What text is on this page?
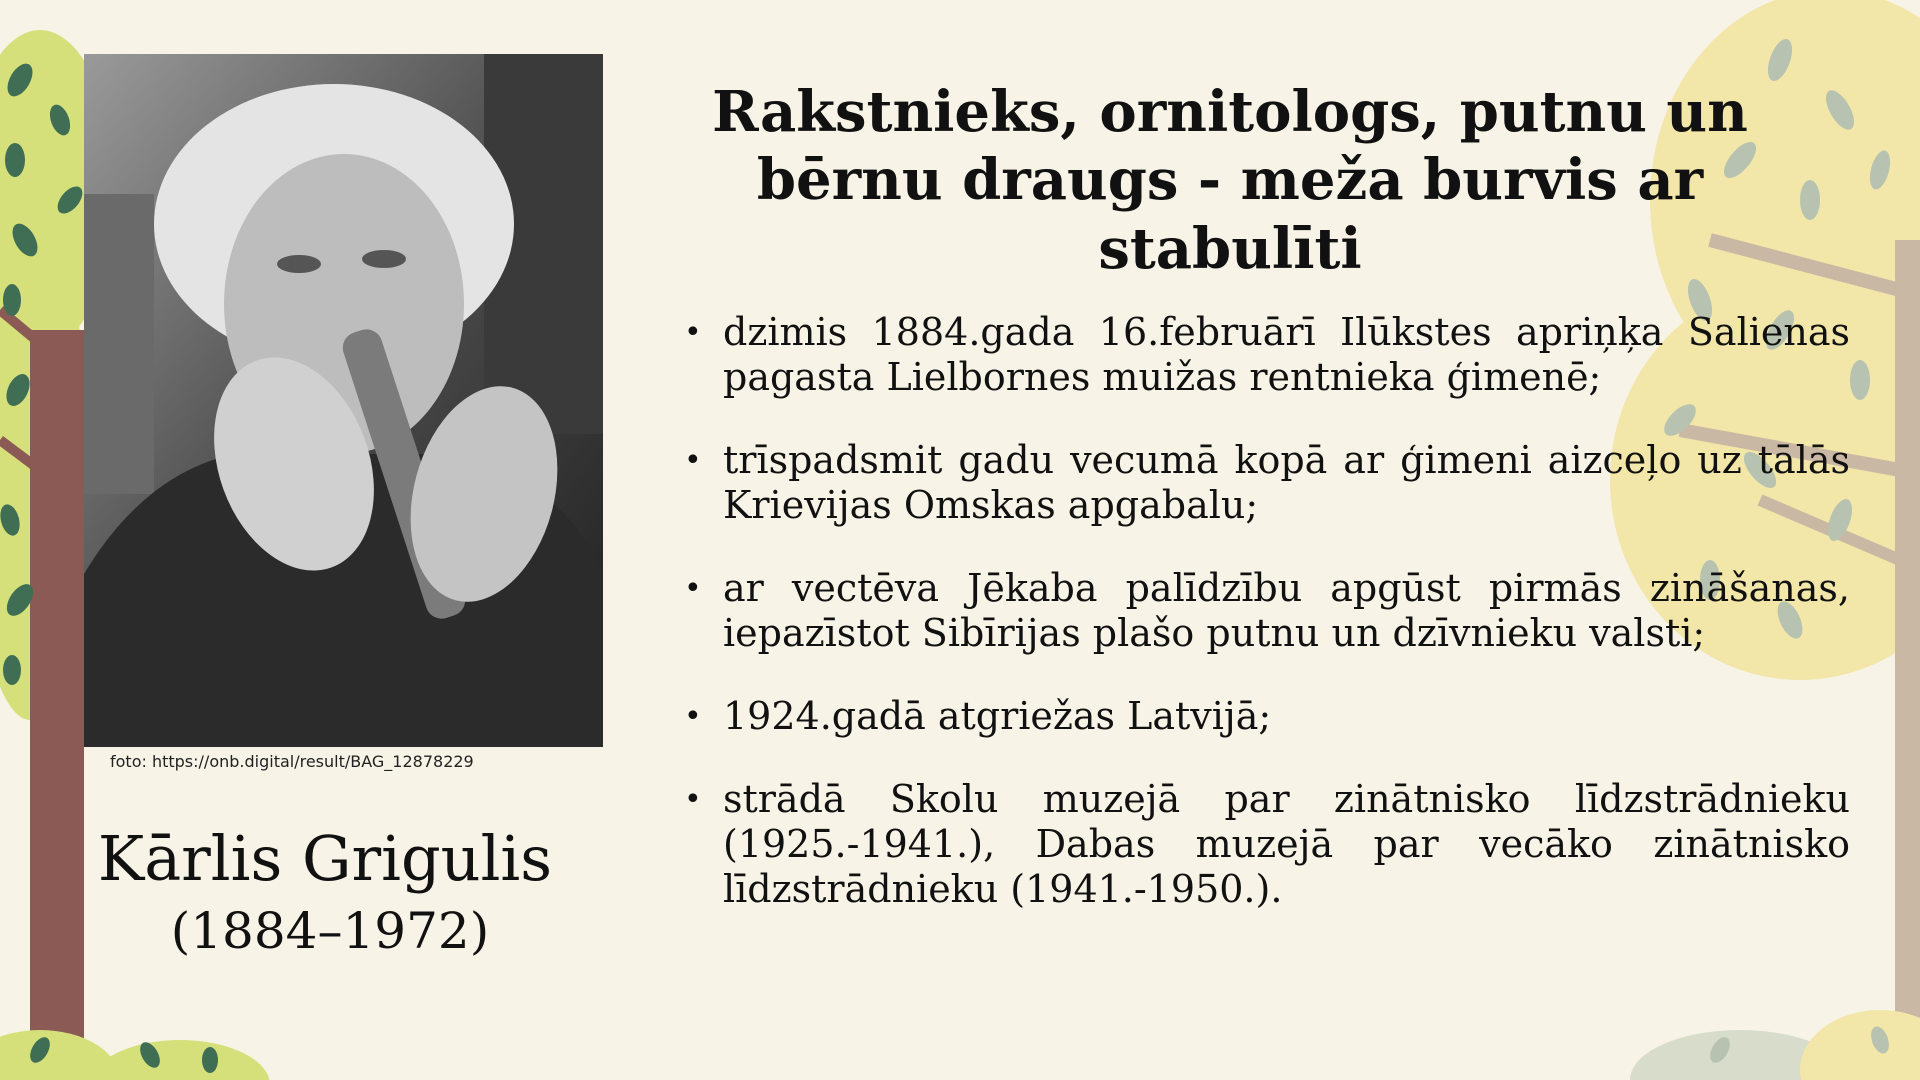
foto: https://onb.digital/result/BAG_12878229
Kārlis Grigulis
(1884–1972)
Rakstnieks, ornitologs, putnu un bērnu draugs - meža burvis ar stabulīti
• dzimis 1884.gada 16.februārī Ilūkstes apriņķa Salienas pagasta Lielbornes muižas rentnieka ģimenē;
• trīspadsmit gadu vecumā kopā ar ģimeni aizceļo uz tālās Krievijas Omskas apgabalu;
• ar vectēva Jēkaba palīdzību apgūst pirmās zināšanas, iepazīstot Sibīrijas plašo putnu un dzīvnieku valsti;
• 1924.gadā atgriežas Latvijā;
• strādā Skolu muzejā par zinātnisko līdzstrādnieku (1925.-1941.), Dabas muzejā par vecāko zinātnisko līdzstrādnieku (1941.-1950.).
